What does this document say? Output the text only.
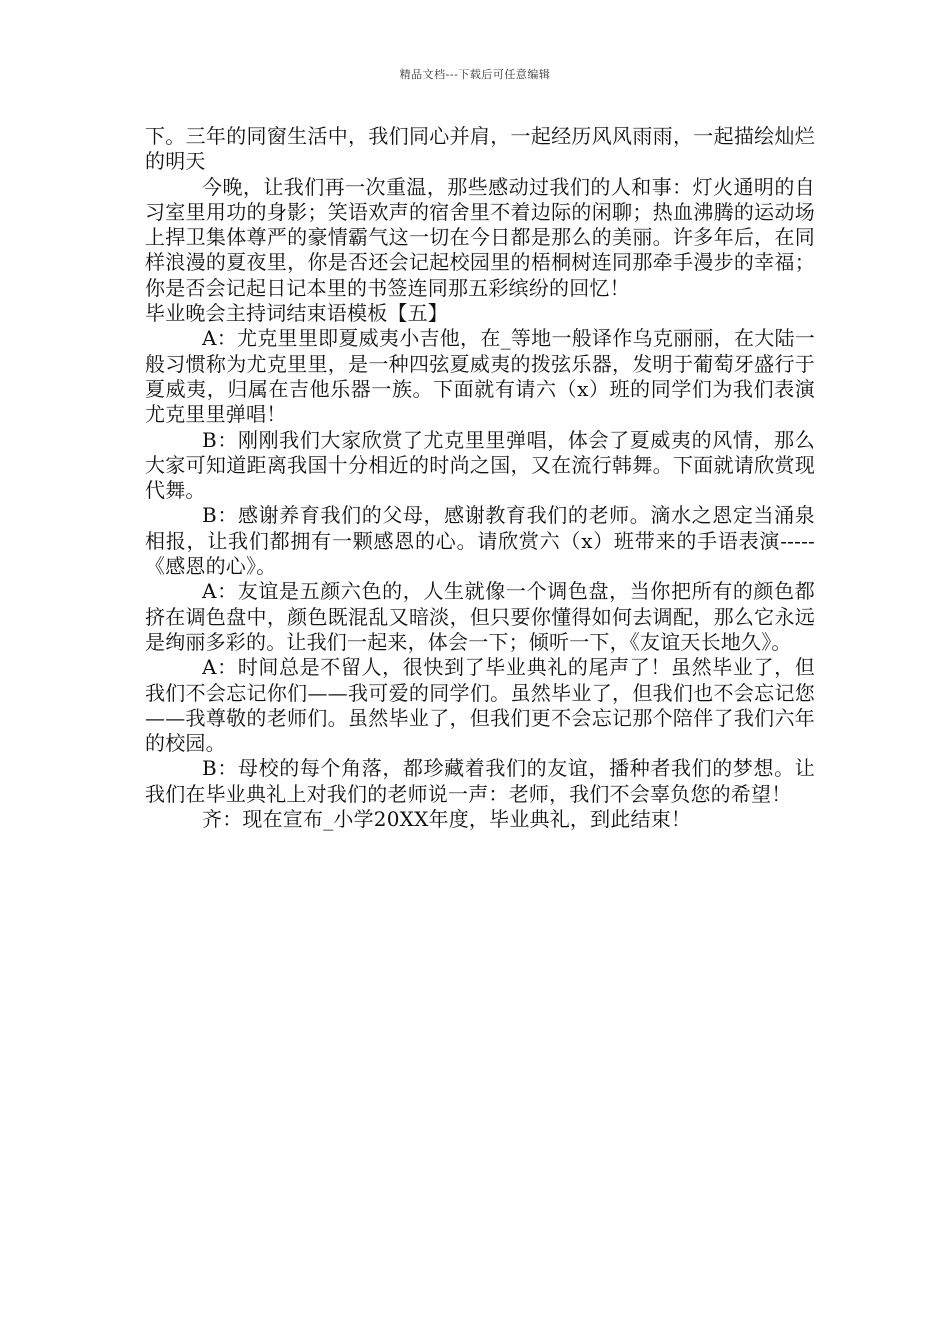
精品文档---下载后可任意编辑

下。三年的同窗生活中，我们同心并肩，一起经历风风雨雨，一起描绘灿烂的明天

今晚，让我们再一次重温，那些感动过我们的人和事：灯火通明的自习室里用功的身影；笑语欢声的宿舍里不着边际的闲聊；热血沸腾的运动场上捍卫集体尊严的豪情霸气这一切在今日都是那么的美丽。许多年后，在同样浪漫的夏夜里，你是否还会记起校园里的梧桐树连同那牵手漫步的幸福；你是否会记起日记本里的书签连同那五彩缤纷的回忆！

毕业晚会主持词结束语模板【五】

A：尤克里里即夏威夷小吉他，在_等地一般译作乌克丽丽，在大陆一般习惯称为尤克里里，是一种四弦夏威夷的拨弦乐器，发明于葡萄牙盛行于夏威夷，归属在吉他乐器一族。下面就有请六（x）班的同学们为我们表演尤克里里弹唱！

B：刚刚我们大家欣赏了尤克里里弹唱，体会了夏威夷的风情，那么大家可知道距离我国十分相近的时尚之国，又在流行韩舞。下面就请欣赏现代舞。

B：感谢养育我们的父母，感谢教育我们的老师。滴水之恩定当涌泉相报，让我们都拥有一颗感恩的心。请欣赏六（x）班带来的手语表演-----《感恩的心》。

A：友谊是五颜六色的，人生就像一个调色盘，当你把所有的颜色都挤在调色盘中，颜色既混乱又暗淡，但只要你懂得如何去调配，那么它永远是绚丽多彩的。让我们一起来，体会一下；倾听一下，《友谊天长地久》。

A：时间总是不留人，很快到了毕业典礼的尾声了！虽然毕业了，但我们不会忘记你们——我可爱的同学们。虽然毕业了，但我们也不会忘记您——我尊敬的老师们。虽然毕业了，但我们更不会忘记那个陪伴了我们六年的校园。

B：母校的每个角落，都珍藏着我们的友谊，播种者我们的梦想。让我们在毕业典礼上对我们的老师说一声：老师，我们不会辜负您的希望！

齐：现在宣布_小学20XX年度，毕业典礼，到此结束！
